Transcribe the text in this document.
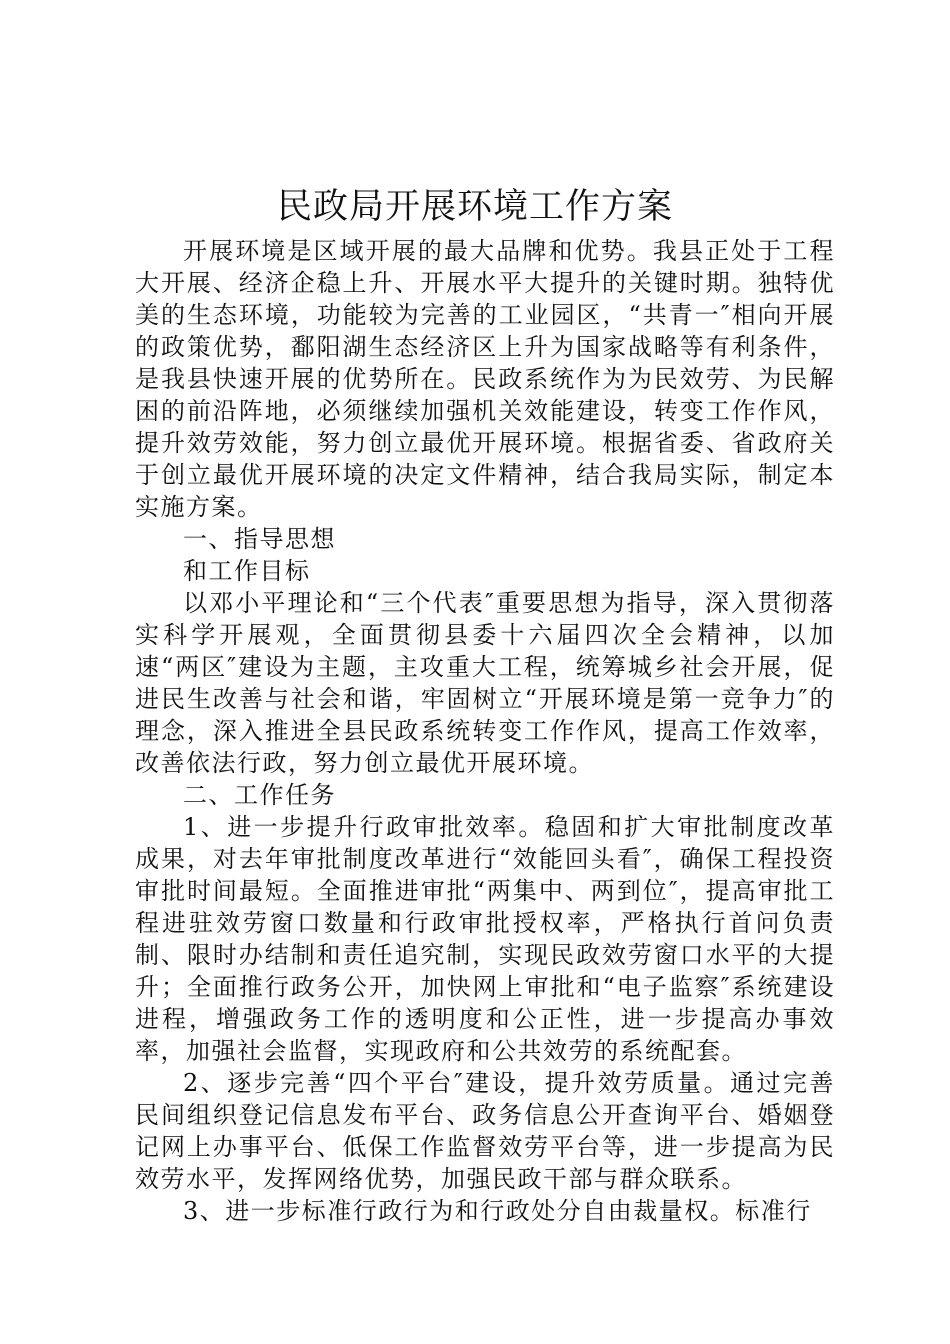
民政局开展环境工作方案

开展环境是区域开展的最大品牌和优势。我县正处于工程大开展、经济企稳上升、开展水平大提升的关键时期。独特优美的生态环境，功能较为完善的工业园区，“共青一″相向开展的政策优势，鄱阳湖生态经济区上升为国家战略等有利条件，是我县快速开展的优势所在。民政系统作为为民效劳、为民解困的前沿阵地，必须继续加强机关效能建设，转变工作作风，提升效劳效能，努力创立最优开展环境。根据省委、省政府关于创立最优开展环境的决定文件精神，结合我局实际，制定本实施方案。

一、指导思想

和工作目标

以邓小平理论和“三个代表″重要思想为指导，深入贯彻落实科学开展观，全面贯彻县委十六届四次全会精神，以加速“两区″建设为主题，主攻重大工程，统筹城乡社会开展，促进民生改善与社会和谐，牢固树立“开展环境是第一竞争力″的理念，深入推进全县民政系统转变工作作风，提高工作效率，改善依法行政，努力创立最优开展环境。

二、工作任务

1、进一步提升行政审批效率。稳固和扩大审批制度改革成果，对去年审批制度改革进行“效能回头看″，确保工程投资审批时间最短。全面推进审批“两集中、两到位″，提高审批工程进驻效劳窗口数量和行政审批授权率，严格执行首问负责制、限时办结制和责任追究制，实现民政效劳窗口水平的大提升；全面推行政务公开，加快网上审批和“电子监察″系统建设进程，增强政务工作的透明度和公正性，进一步提高办事效率，加强社会监督，实现政府和公共效劳的系统配套。

2、逐步完善“四个平台″建设，提升效劳质量。通过完善民间组织登记信息发布平台、政务信息公开查询平台、婚姻登记网上办事平台、低保工作监督效劳平台等，进一步提高为民效劳水平，发挥网络优势，加强民政干部与群众联系。

3、进一步标准行政行为和行政处分自由裁量权。标准行
